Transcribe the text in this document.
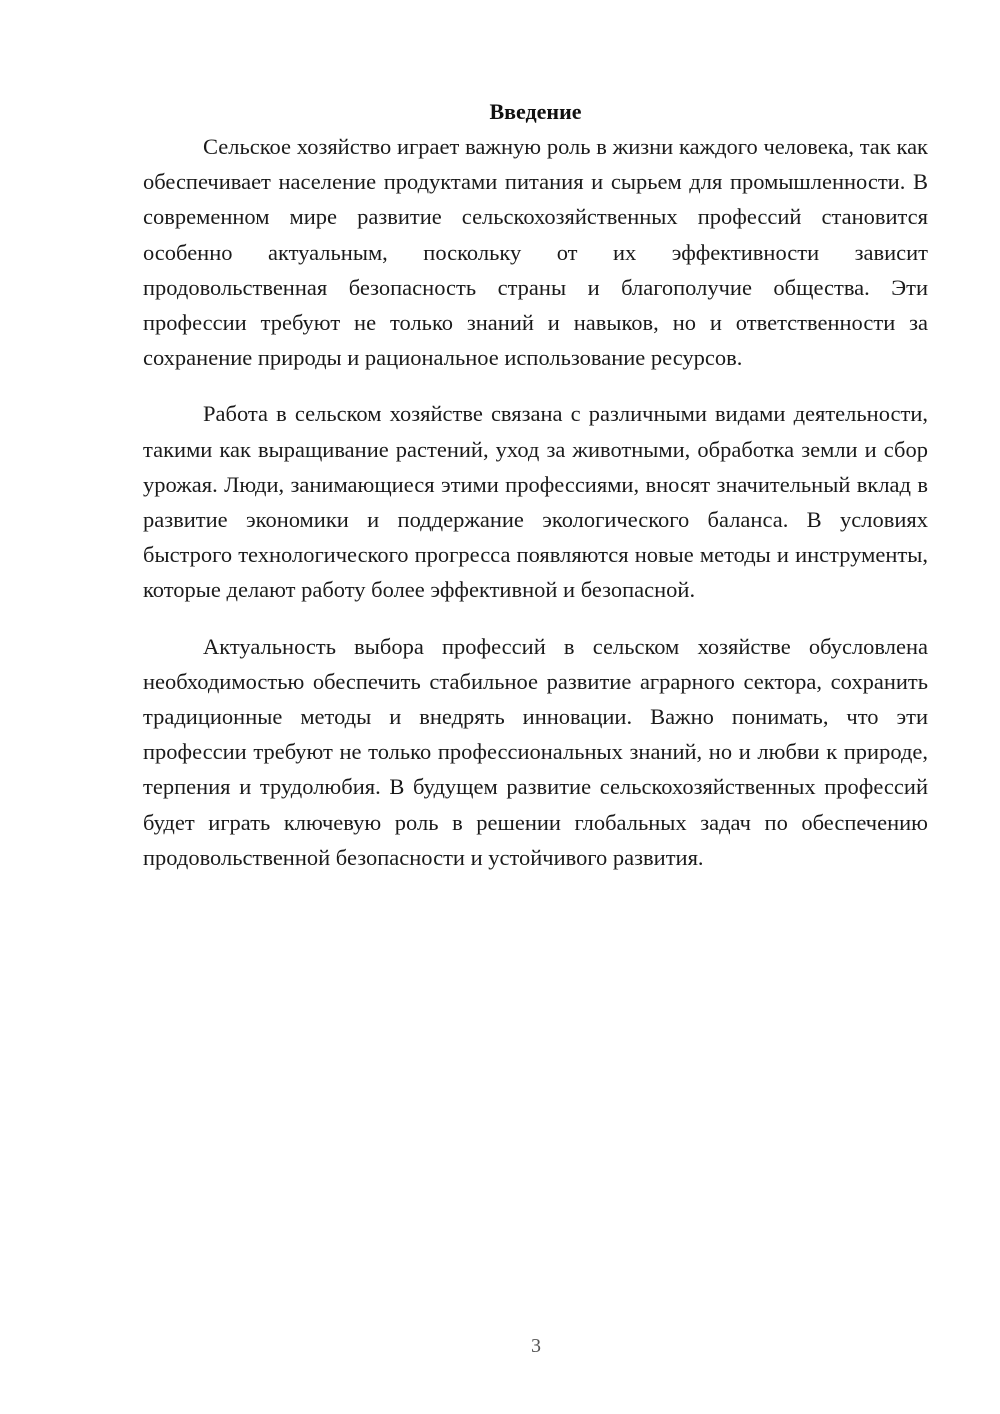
Введение

Сельское хозяйство играет важную роль в жизни каждого человека, так как обеспечивает население продуктами питания и сырьем для промышленности. В современном мире развитие сельскохозяйственных профессий становится особенно актуальным, поскольку от их эффективности зависит продовольственная безопасность страны и благополучие общества. Эти профессии требуют не только знаний и навыков, но и ответственности за сохранение природы и рациональное использование ресурсов.

Работа в сельском хозяйстве связана с различными видами деятельности, такими как выращивание растений, уход за животными, обработка земли и сбор урожая. Люди, занимающиеся этими профессиями, вносят значительный вклад в развитие экономики и поддержание экологического баланса. В условиях быстрого технологического прогресса появляются новые методы и инструменты, которые делают работу более эффективной и безопасной.

Актуальность выбора профессий в сельском хозяйстве обусловлена необходимостью обеспечить стабильное развитие аграрного сектора, сохранить традиционные методы и внедрять инновации. Важно понимать, что эти профессии требуют не только профессиональных знаний, но и любви к природе, терпения и трудолюбия. В будущем развитие сельскохозяйственных профессий будет играть ключевую роль в решении глобальных задач по обеспечению продовольственной безопасности и устойчивого развития.

3
